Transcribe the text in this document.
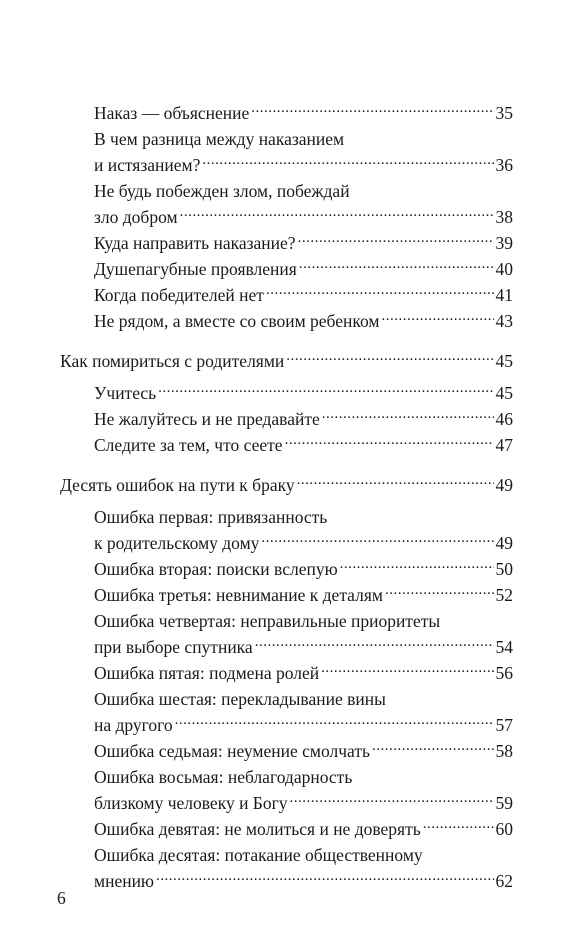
Наказ — объяснение .....	35
В чем разница между наказанием
и истязанием? .....	36
Не будь побежден злом, побеждай
зло добром .....	38
Куда направить наказание? .....	39
Душепагубные проявления .....	40
Когда победителей нет .....	41
Не рядом, а вместе со своим ребенком .....	43
Как помириться с родителями .....	45
Учитесь .....	45
Не жалуйтесь и не предавайте .....	46
Следите за тем, что сеете .....	47
Десять ошибок на пути к браку .....	49
Ошибка первая: привязанность
к родительскому дому .....	49
Ошибка вторая: поиски вслепую .....	50
Ошибка третья: невнимание к деталям .....	52
Ошибка четвертая: неправильные приоритеты
при выборе спутника .....	54
Ошибка пятая: подмена ролей .....	56
Ошибка шестая: перекладывание вины
на другого .....	57
Ошибка седьмая: неумение смолчать .....	58
Ошибка восьмая: неблагодарность
близкому человеку и Богу .....	59
Ошибка девятая: не молиться и не доверять .....	60
Ошибка десятая: потакание общественному
мнению .....	62
6
